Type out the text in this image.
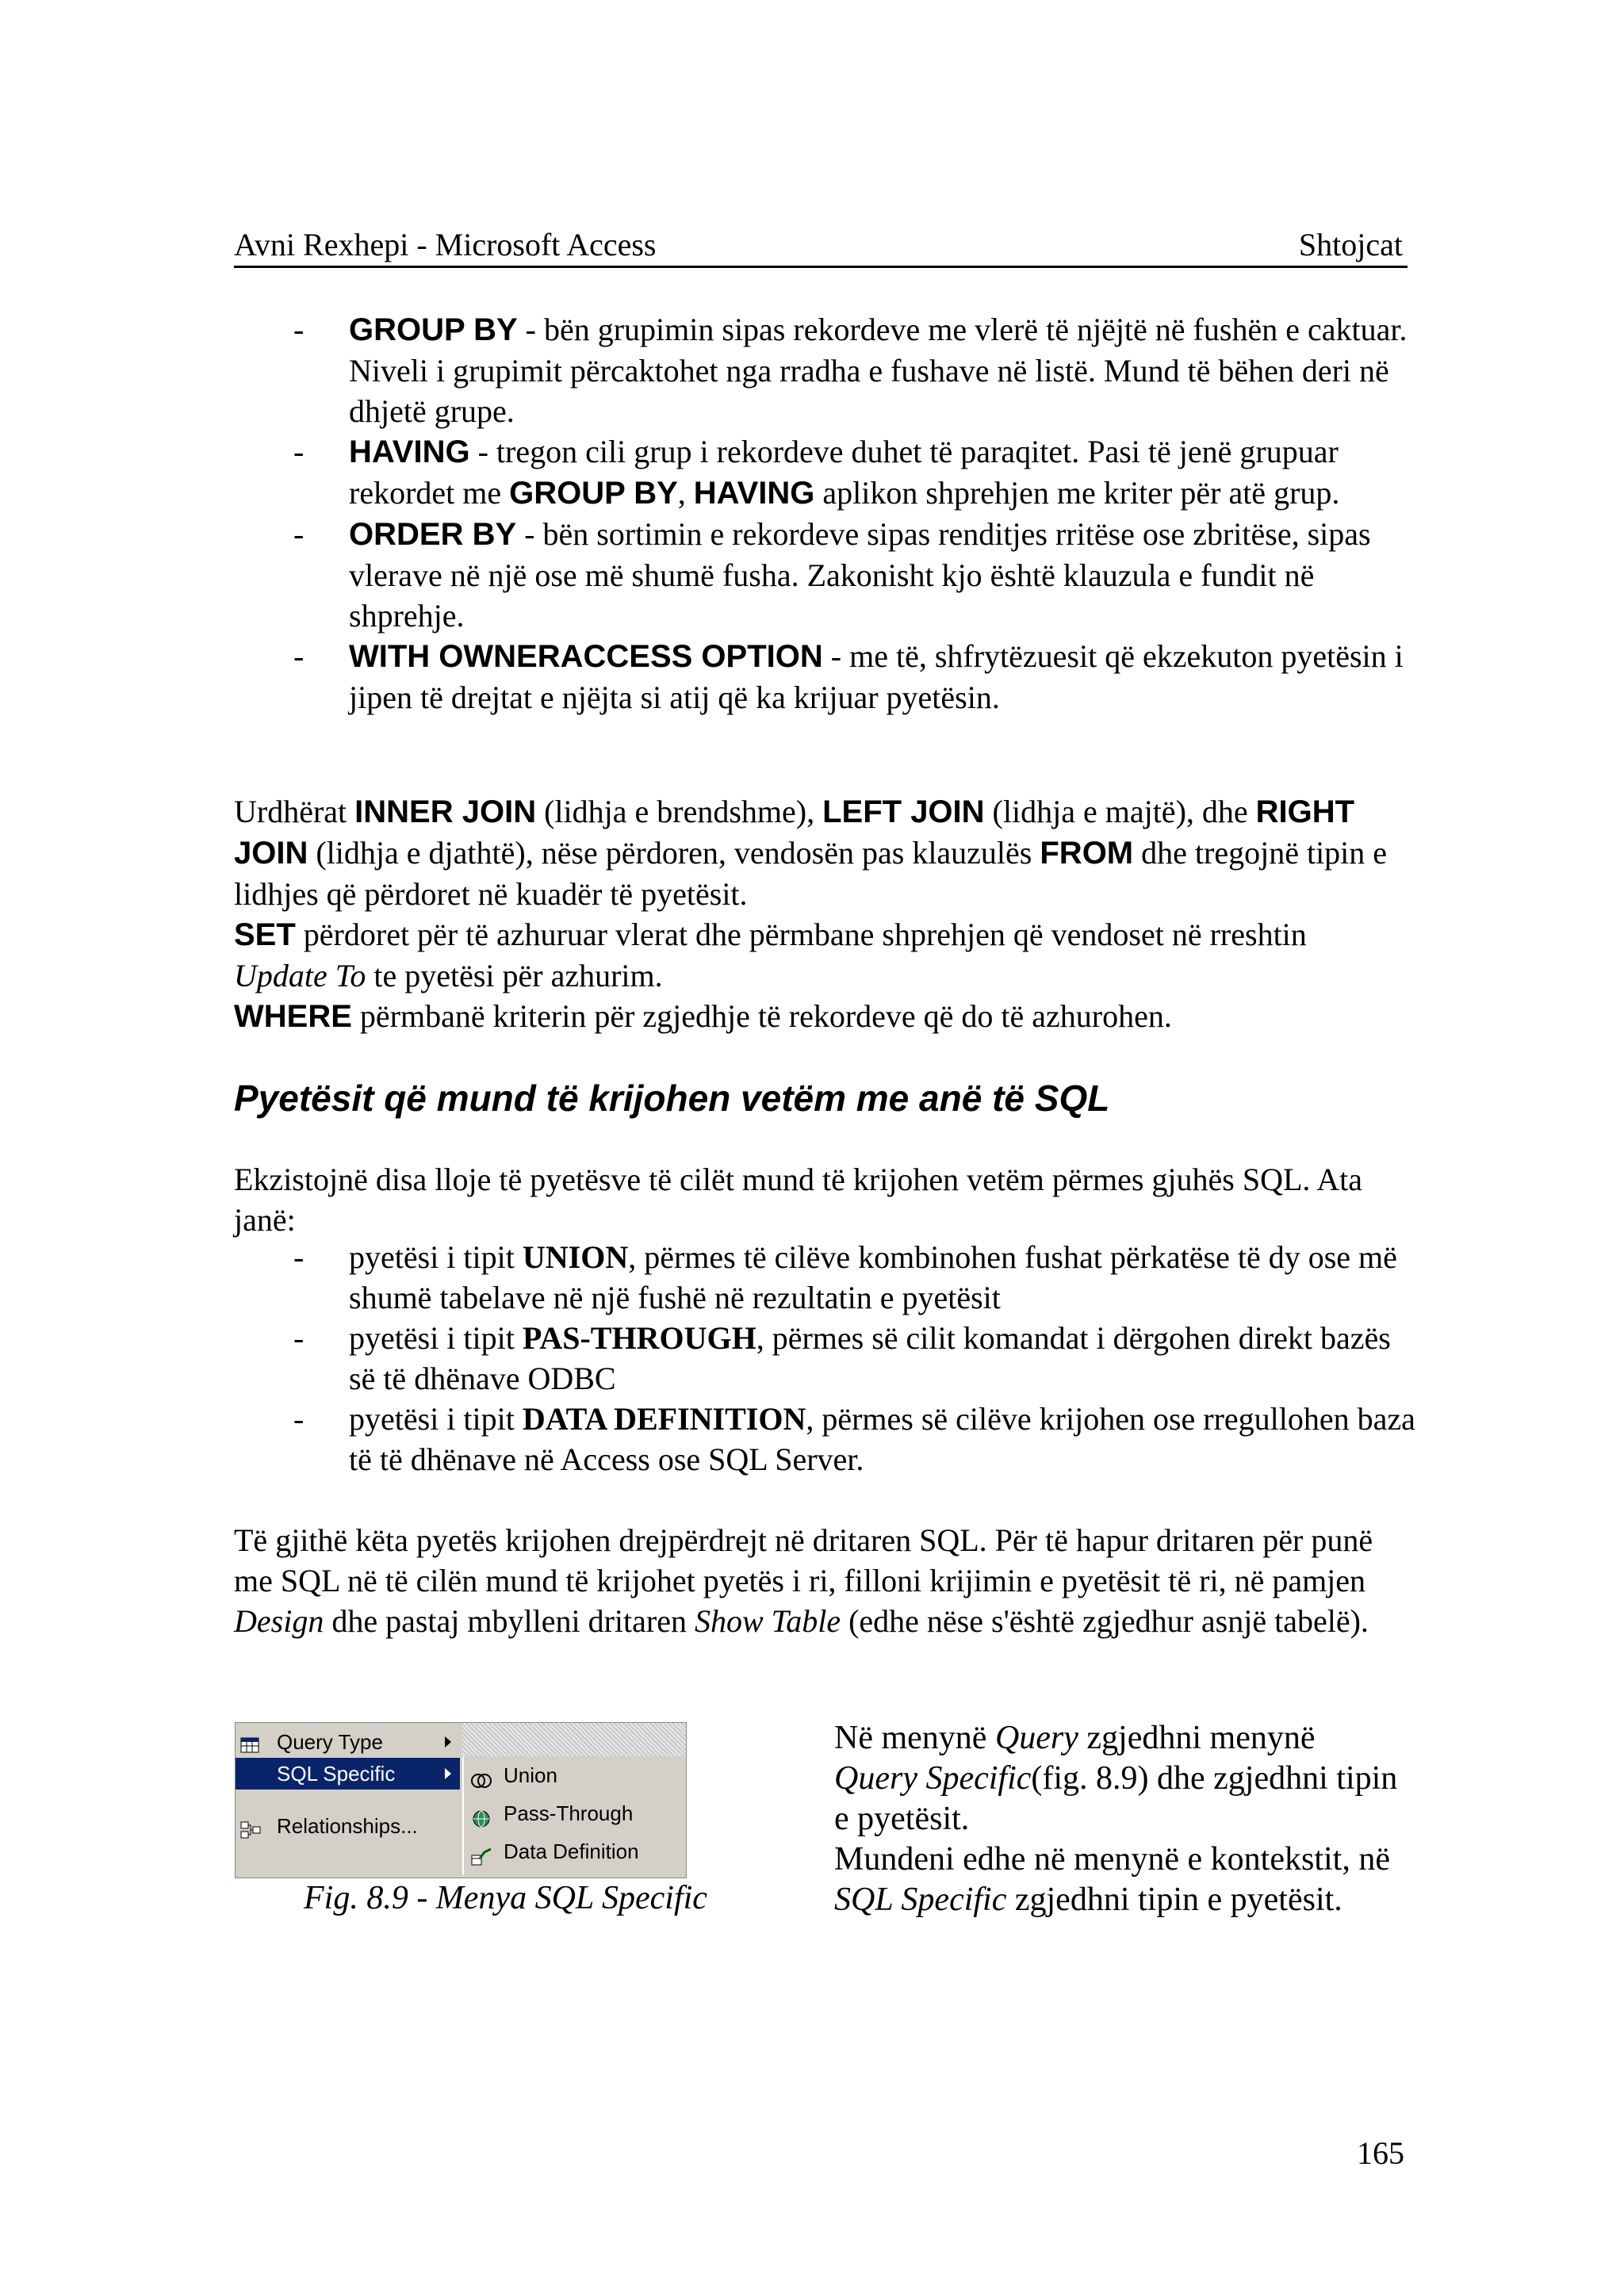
Avni Rexhepi - Microsoft Access	Shtojcat
- GROUP BY - bën grupimin sipas rekordeve me vlerë të njëjtë në fushën e caktuar. Niveli i grupimit përcaktohet nga rradha e fushave në listë. Mund të bëhen deri në dhjetë grupe.
- HAVING - tregon cili grup i rekordeve duhet të paraqitet. Pasi të jenë grupuar rekordet me GROUP BY, HAVING aplikon shprehjen me kriter për atë grup.
- ORDER BY - bën sortimin e rekordeve sipas renditjes rritëse ose zbritëse, sipas vlerave në një ose më shumë fusha. Zakonisht kjo është klauzula e fundit në shprehje.
- WITH OWNERACCESS OPTION - me të, shfrytëzuesit që ekzekuton pyetësin i jipen të drejtat e njëjta si atij që ka krijuar pyetësin.

Urdhërat INNER JOIN (lidhja e brendshme), LEFT JOIN (lidhja e majtë), dhe RIGHT JOIN (lidhja e djathtë), nëse përdoren, vendosën pas klauzulës FROM dhe tregojnë tipin e lidhjes që përdoret në kuadër të pyetësit.
SET përdoret për të azhuruar vlerat dhe përmbane shprehjen që vendoset në rreshtin Update To te pyetësi për azhurim.
WHERE përmbanë kriterin për zgjedhje të rekordeve që do të azhurohen.

Pyetësit që mund të krijohen vetëm me anë të SQL

Ekzistojnë disa lloje të pyetësve të cilët mund të krijohen vetëm përmes gjuhës SQL. Ata janë:

- pyetësi i tipit UNION, përmes të cilëve kombinohen fushat përkatëse të dy ose më shumë tabelave në një fushë në rezultatin e pyetësit
- pyetësi i tipit PAS-THROUGH, përmes së cilit komandat i dërgohen direkt bazës së të dhënave ODBC
- pyetësi i tipit DATA DEFINITION, përmes së cilëve krijohen ose rregullohen baza të të dhënave në Access ose SQL Server.

Të gjithë këta pyetës krijohen drejpërdrejt në dritaren SQL. Për të hapur dritaren për punë me SQL në të cilën mund të krijohet pyetës i ri, filloni krijimin e pyetësit të ri, në pamjen Design dhe pastaj mbylleni dritaren Show Table (edhe nëse s'është zgjedhur asnjë tabelë).

Query Type
SQL Specific
Relationships...
Union
Pass-Through
Data Definition

Fig. 8.9 - Menya SQL Specific

Në menynë Query zgjedhni menynë Query Specific(fig. 8.9) dhe zgjedhni tipin e pyetësit.
Mundeni edhe në menynë e kontekstit, në SQL Specific zgjedhni tipin e pyetësit.

165
